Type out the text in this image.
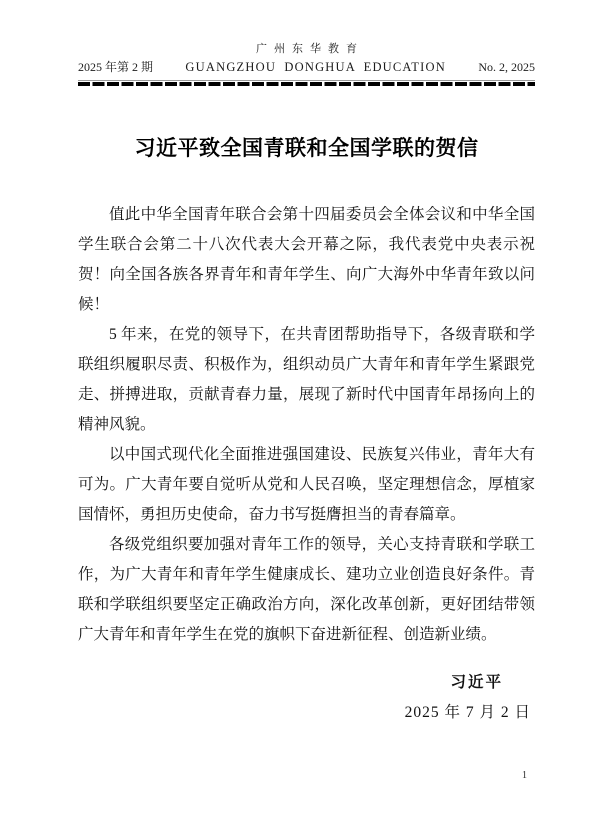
广州东华教育
2025 年第 2 期	GUANGZHOU DONGHUA EDUCATION	No. 2, 2025
习近平致全国青联和全国学联的贺信

值此中华全国青年联合会第十四届委员会全体会议和中华全国学生联合会第二十八次代表大会开幕之际，我代表党中央表示祝贺！向全国各族各界青年和青年学生、向广大海外中华青年致以问候！

5 年来，在党的领导下，在共青团帮助指导下，各级青联和学联组织履职尽责、积极作为，组织动员广大青年和青年学生紧跟党走、拼搏进取，贡献青春力量，展现了新时代中国青年昂扬向上的精神风貌。

以中国式现代化全面推进强国建设、民族复兴伟业，青年大有可为。广大青年要自觉听从党和人民召唤，坚定理想信念，厚植家国情怀，勇担历史使命，奋力书写挺膺担当的青春篇章。

各级党组织要加强对青年工作的领导，关心支持青联和学联工作，为广大青年和青年学生健康成长、建功立业创造良好条件。青联和学联组织要坚定正确政治方向，深化改革创新，更好团结带领广大青年和青年学生在党的旗帜下奋进新征程、创造新业绩。

习近平
2025 年 7 月 2 日
1
